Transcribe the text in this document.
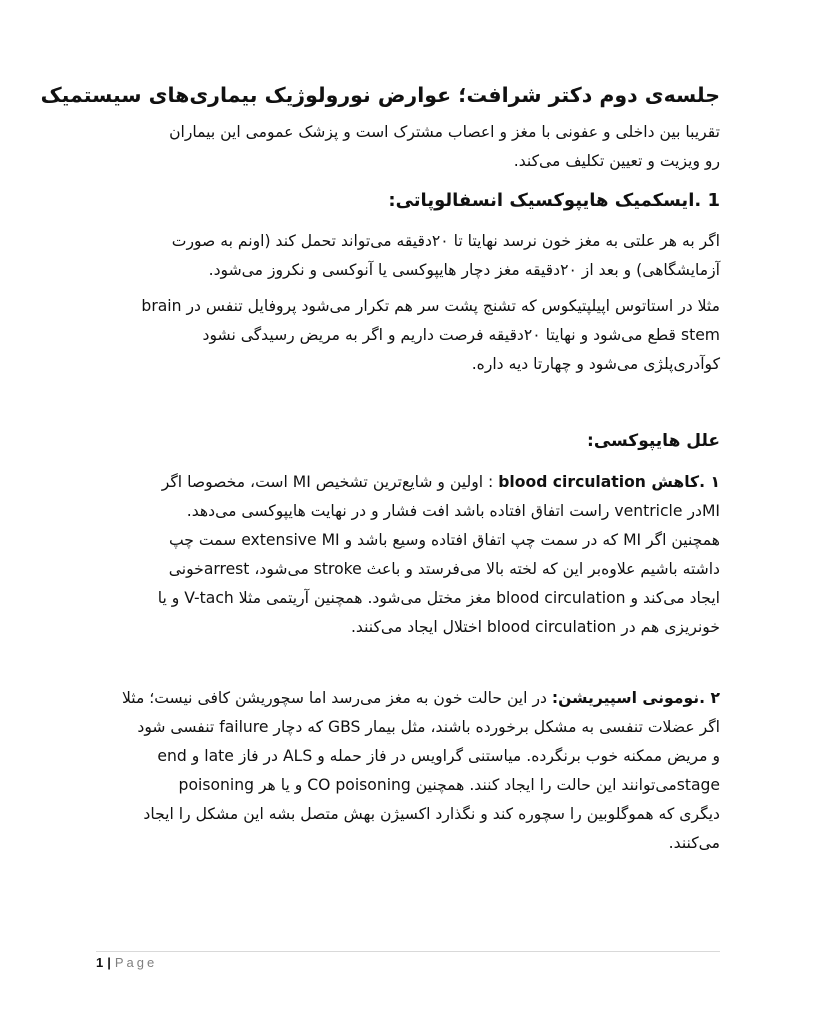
جلسه‌ی دوم دکتر شرافت؛ عوارض نورولوژیک بیماری‌های سیستمیک
تقریبا بین داخلی و عفونی با مغز و اعصاب مشترک است و پزشک عمومی این بیماران
رو ویزیت و تعیین تکلیف می‌کند.
1 .ایسکمیک هایپوکسیک انسفالوپاتی:
اگر به هر علتی به مغز خون نرسد نهایتا تا ۲۰دقیقه می‌تواند تحمل کند (اونم به صورت
آزمایشگاهی) و بعد از ۲۰دقیقه مغز دچار هایپوکسی یا آنوکسی و نکروز می‌شود.
مثلا در استاتوس اپیلپتیکوس که تشنج پشت سر هم تکرار می‌شود پروفایل تنفس در brain
stem قطع می‌شود و نهایتا ۲۰دقیقه فرصت داریم و اگر به مریض رسیدگی نشود
کوآدری‌پلژی می‌شود و چهارتا دیه داره.
علل هایپوکسی:
۱ .کاهش blood circulation : اولین و شایع‌ترین تشخیص MI است، مخصوصا اگر
MIدر ventricle راست اتفاق افتاده باشد افت فشار و در نهایت هایپوکسی می‌دهد.
همچنین اگر MI که در سمت چپ اتفاق افتاده وسیع باشد و extensive MI سمت چپ
داشته باشیم علاوه‌بر این که لخته بالا می‌فرستد و باعث stroke می‌شود، arrestخونی
ایجاد می‌کند و blood circulation مغز مختل می‌شود. همچنین آریتمی مثلا V-tach و یا
خونریزی هم در blood circulation اختلال ایجاد می‌کنند.
۲ .نومونی اسپیریشن: در این حالت خون به مغز می‌رسد اما سچوریشن کافی نیست؛ مثلا
اگر عضلات تنفسی به مشکل برخورده باشند، مثل بیمار GBS که دچار failure تنفسی شود
و مریض ممکنه خوب برنگرده. میاستنی گراویس در فاز حمله و ALS در فاز late و end
stageمی‌توانند این حالت را ایجاد کنند. همچنین CO poisoning و یا هر poisoning
دیگری که هموگلوبین را سچوره کند و نگذارد اکسیژن بهش متصل بشه این مشکل را ایجاد
می‌کنند.
1 | Page
